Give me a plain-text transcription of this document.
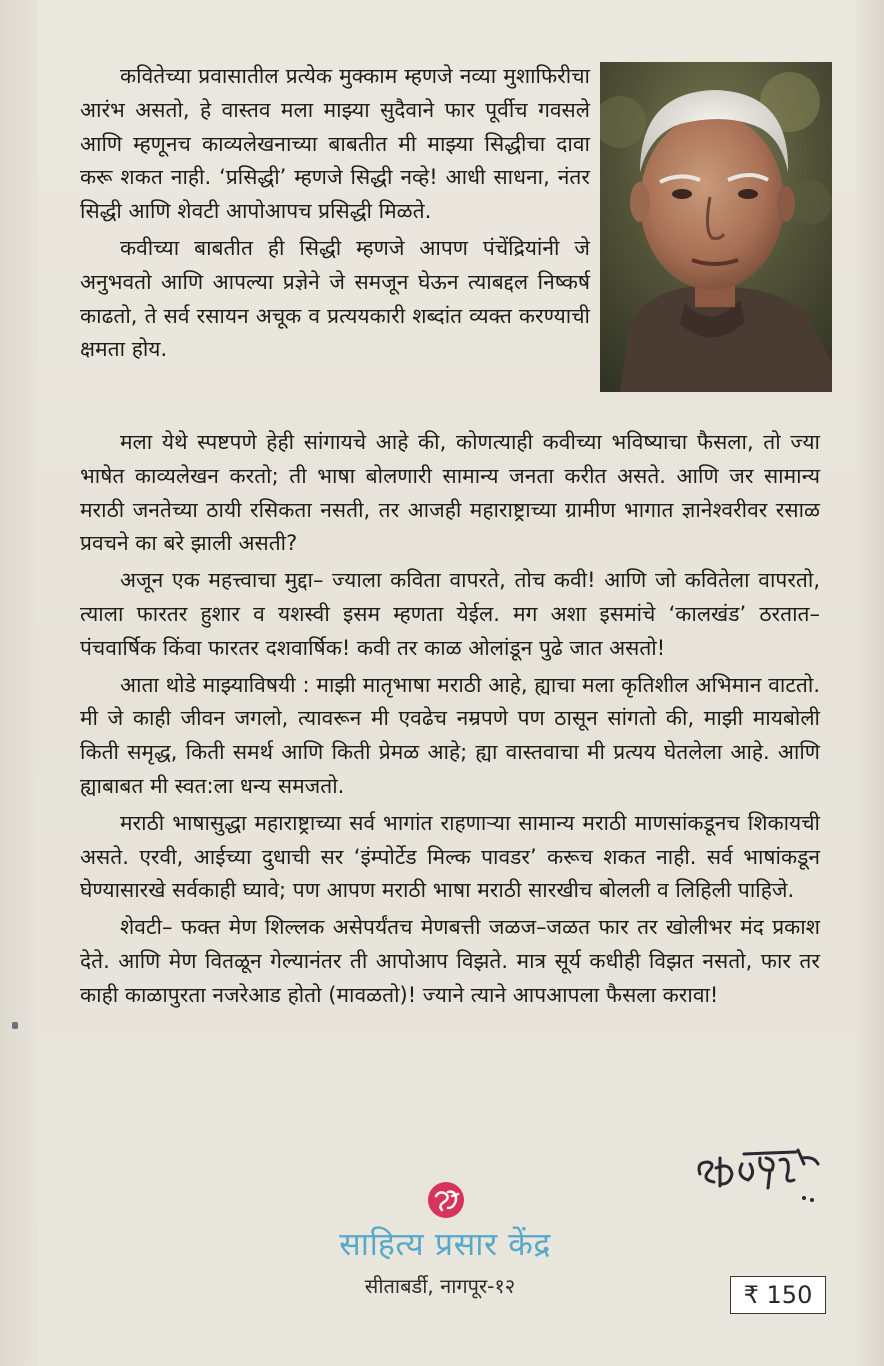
कवितेच्या प्रवासातील प्रत्येक मुक्काम म्हणजे नव्या मुशाफिरीचा आरंभ असतो, हे वास्तव मला माझ्या सुदैवाने फार पूर्वीच गवसले आणि म्हणूनच काव्यलेखनाच्या बाबतीत मी माझ्या सिद्धीचा दावा करू शकत नाही. ‘प्रसिद्धी’ म्हणजे सिद्धी नव्हे! आधी साधना, नंतर सिद्धी आणि शेवटी आपोआपच प्रसिद्धी मिळते.

कवीच्या बाबतीत ही सिद्धी म्हणजे आपण पंचेंद्रियांनी जे अनुभवतो आणि आपल्या प्रज्ञेने जे समजून घेऊन त्याबद्दल निष्कर्ष काढतो, ते सर्व रसायन अचूक व प्रत्ययकारी शब्दांत व्यक्त करण्याची क्षमता होय.

मला येथे स्पष्टपणे हेही सांगायचे आहे की, कोणत्याही कवीच्या भविष्याचा फैसला, तो ज्या भाषेत काव्यलेखन करतो; ती भाषा बोलणारी सामान्य जनता करीत असते. आणि जर सामान्य मराठी जनतेच्या ठायी रसिकता नसती, तर आजही महाराष्ट्राच्या ग्रामीण भागात ज्ञानेश्वरीवर रसाळ प्रवचने का बरे झाली असती?

अजून एक महत्त्वाचा मुद्दा– ज्याला कविता वापरते, तोच कवी! आणि जो कवितेला वापरतो, त्याला फारतर हुशार व यशस्वी इसम म्हणता येईल. मग अशा इसमांचे ‘कालखंड’ ठरतात– पंचवार्षिक किंवा फारतर दशवार्षिक! कवी तर काळ ओलांडून पुढे जात असतो!

आता थोडे माझ्याविषयी : माझी मातृभाषा मराठी आहे, ह्याचा मला कृतिशील अभिमान वाटतो. मी जे काही जीवन जगलो, त्यावरून मी एवढेच नम्रपणे पण ठासून सांगतो की, माझी मायबोली किती समृद्ध, किती समर्थ आणि किती प्रेमळ आहे; ह्या वास्तवाचा मी प्रत्यय घेतलेला आहे. आणि ह्याबाबत मी स्वत:ला धन्य समजतो.

मराठी भाषासुद्धा महाराष्ट्राच्या सर्व भागांत राहणाऱ्या सामान्य मराठी माणसांकडूनच शिकायची असते. एरवी, आईच्या दुधाची सर ‘इंम्पोर्टेड मिल्क पावडर’ करूच शकत नाही. सर्व भाषांकडून घेण्यासारखे सर्वकाही घ्यावे; पण आपण मराठी भाषा मराठी सारखीच बोलली व लिहिली पाहिजे.

शेवटी– फक्त मेण शिल्लक असेपर्यंतच मेणबत्ती जळज–जळत फार तर खोलीभर मंद प्रकाश देते. आणि मेण वितळून गेल्यानंतर ती आपोआप विझते. मात्र सूर्य कधीही विझत नसतो, फार तर काही काळापुरता नजरेआड होतो (मावळतो)! ज्याने त्याने आपआपला फैसला करावा!

साहित्य प्रसार केंद्र
सीताबर्डी, नागपूर-१२	₹ 150
